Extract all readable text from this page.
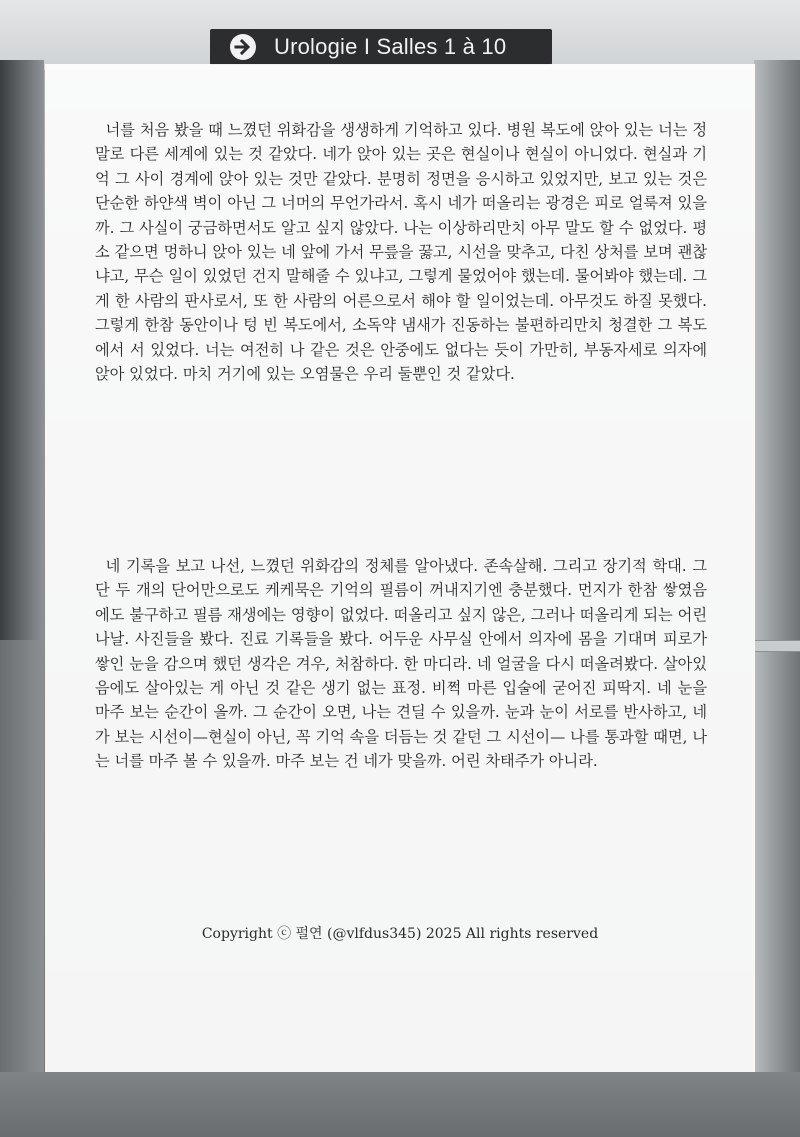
Urologie I Salles 1 à 10

너를 처음 봤을 때 느꼈던 위화감을 생생하게 기억하고 있다. 병원 복도에 앉아 있는 너는 정말로 다른 세계에 있는 것 같았다. 네가 앉아 있는 곳은 현실이나 현실이 아니었다. 현실과 기억 그 사이 경계에 앉아 있는 것만 같았다. 분명히 정면을 응시하고 있었지만, 보고 있는 것은 단순한 하얀색 벽이 아닌 그 너머의 무언가라서. 혹시 네가 떠올리는 광경은 피로 얼룩져 있을까. 그 사실이 궁금하면서도 알고 싶지 않았다. 나는 이상하리만치 아무 말도 할 수 없었다. 평소 같으면 멍하니 앉아 있는 네 앞에 가서 무릎을 꿇고, 시선을 맞추고, 다친 상처를 보며 괜찮냐고, 무슨 일이 있었던 건지 말해줄 수 있냐고, 그렇게 물었어야 했는데. 물어봐야 했는데. 그게 한 사람의 판사로서, 또 한 사람의 어른으로서 해야 할 일이었는데. 아무것도 하질 못했다. 그렇게 한참 동안이나 텅 빈 복도에서, 소독약 냄새가 진동하는 불편하리만치 청결한 그 복도에서 서 있었다. 너는 여전히 나 같은 것은 안중에도 없다는 듯이 가만히, 부동자세로 의자에 앉아 있었다. 마치 거기에 있는 오염물은 우리 둘뿐인 것 같았다.

네 기록을 보고 나선, 느꼈던 위화감의 정체를 알아냈다. 존속살해. 그리고 장기적 학대. 그 단 두 개의 단어만으로도 케케묵은 기억의 필름이 꺼내지기엔 충분했다. 먼지가 한참 쌓였음에도 불구하고 필름 재생에는 영향이 없었다. 떠올리고 싶지 않은, 그러나 떠올리게 되는 어린 나날. 사진들을 봤다. 진료 기록들을 봤다. 어두운 사무실 안에서 의자에 몸을 기대며 피로가 쌓인 눈을 감으며 했던 생각은 겨우, 처참하다. 한 마디라. 네 얼굴을 다시 떠올려봤다. 살아있음에도 살아있는 게 아닌 것 같은 생기 없는 표정. 비쩍 마른 입술에 굳어진 피딱지. 네 눈을 마주 보는 순간이 올까. 그 순간이 오면, 나는 견딜 수 있을까. 눈과 눈이 서로를 반사하고, 네가 보는 시선이—현실이 아닌, 꼭 기억 속을 더듬는 것 같던 그 시선이— 나를 통과할 때면, 나는 너를 마주 볼 수 있을까. 마주 보는 건 네가 맞을까. 어린 차태주가 아니라.

Copyright ⓒ 펄연 (@vlfdus345) 2025 All rights reserved
